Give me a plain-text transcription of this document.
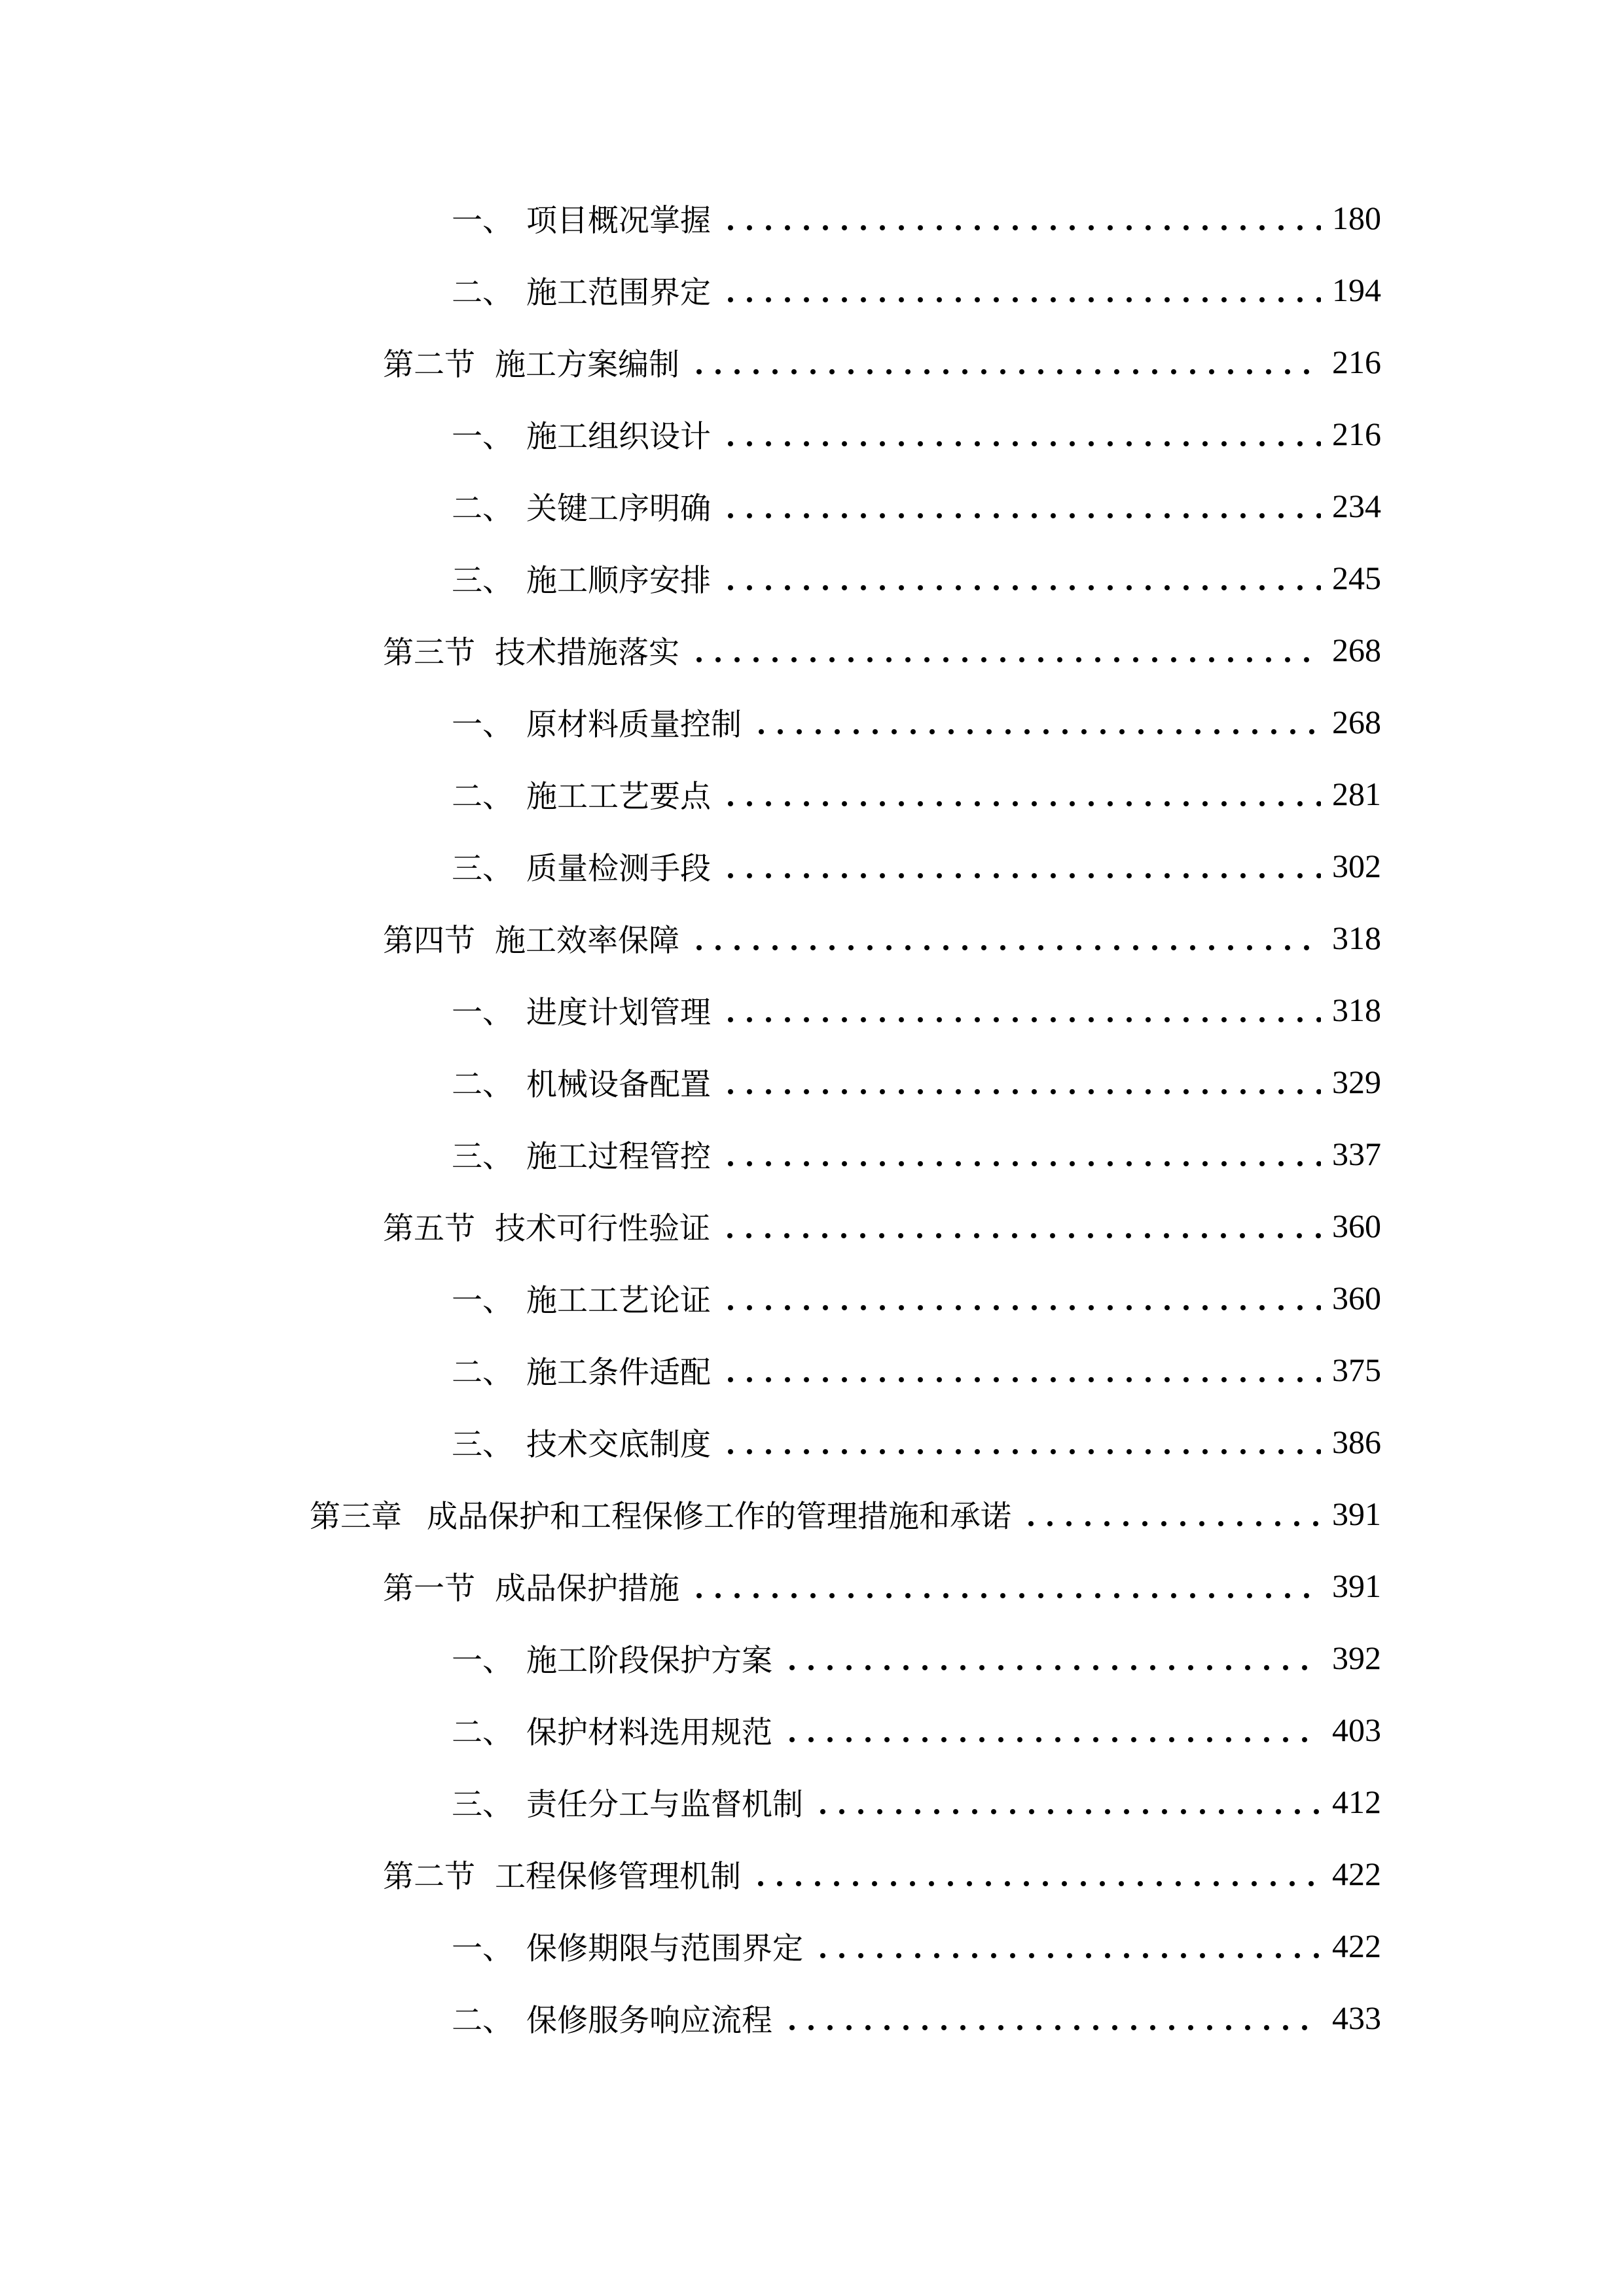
一、 项目概况掌握	180
二、 施工范围界定	194
第二节 施工方案编制	216
一、 施工组织设计	216
二、 关键工序明确	234
三、 施工顺序安排	245
第三节 技术措施落实	268
一、 原材料质量控制	268
二、 施工工艺要点	281
三、 质量检测手段	302
第四节 施工效率保障	318
一、 进度计划管理	318
二、 机械设备配置	329
三、 施工过程管控	337
第五节 技术可行性验证	360
一、 施工工艺论证	360
二、 施工条件适配	375
三、 技术交底制度	386
第三章 成品保护和工程保修工作的管理措施和承诺	391
第一节 成品保护措施	391
一、 施工阶段保护方案	392
二、 保护材料选用规范	403
三、 责任分工与监督机制	412
第二节 工程保修管理机制	422
一、 保修期限与范围界定	422
二、 保修服务响应流程	433
